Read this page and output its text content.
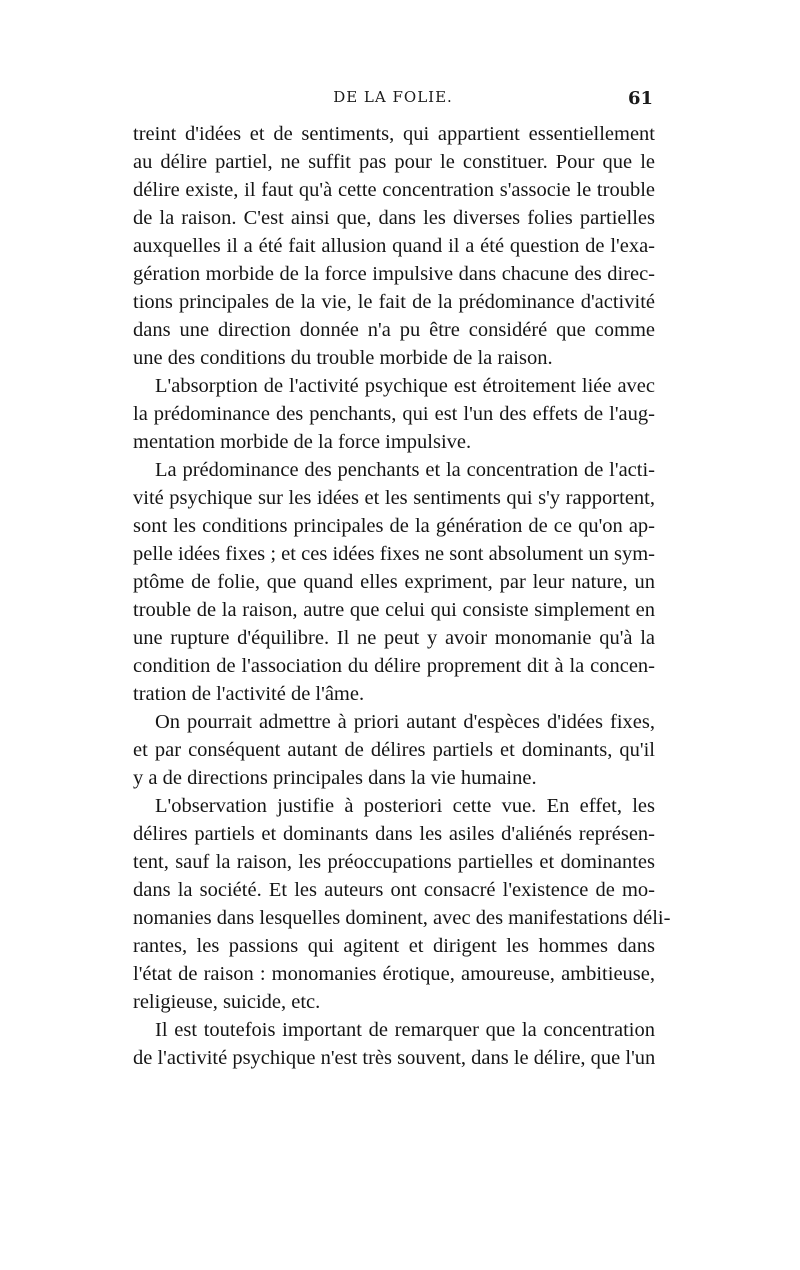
DE LA FOLIE.	61
treint d'idées et de sentiments, qui appartient essentiellement
au délire partiel, ne suffit pas pour le constituer. Pour que le
délire existe, il faut qu'à cette concentration s'associe le trouble
de la raison. C'est ainsi que, dans les diverses folies partielles
auxquelles il a été fait allusion quand il a été question de l'exa-
gération morbide de la force impulsive dans chacune des direc-
tions principales de la vie, le fait de la prédominance d'activité
dans une direction donnée n'a pu être considéré que comme
une des conditions du trouble morbide de la raison.
L'absorption de l'activité psychique est étroitement liée avec
la prédominance des penchants, qui est l'un des effets de l'aug-
mentation morbide de la force impulsive.
La prédominance des penchants et la concentration de l'acti-
vité psychique sur les idées et les sentiments qui s'y rapportent,
sont les conditions principales de la génération de ce qu'on ap-
pelle idées fixes ; et ces idées fixes ne sont absolument un sym-
ptôme de folie, que quand elles expriment, par leur nature, un
trouble de la raison, autre que celui qui consiste simplement en
une rupture d'équilibre. Il ne peut y avoir monomanie qu'à la
condition de l'association du délire proprement dit à la concen-
tration de l'activité de l'âme.
On pourrait admettre à priori autant d'espèces d'idées fixes,
et par conséquent autant de délires partiels et dominants, qu'il
y a de directions principales dans la vie humaine.
L'observation justifie à posteriori cette vue. En effet, les
délires partiels et dominants dans les asiles d'aliénés représen-
tent, sauf la raison, les préoccupations partielles et dominantes
dans la société. Et les auteurs ont consacré l'existence de mo-
nomanies dans lesquelles dominent, avec des manifestations déli-
rantes, les passions qui agitent et dirigent les hommes dans
l'état de raison : monomanies érotique, amoureuse, ambitieuse,
religieuse, suicide, etc.
Il est toutefois important de remarquer que la concentration
de l'activité psychique n'est très souvent, dans le délire, que l'un
